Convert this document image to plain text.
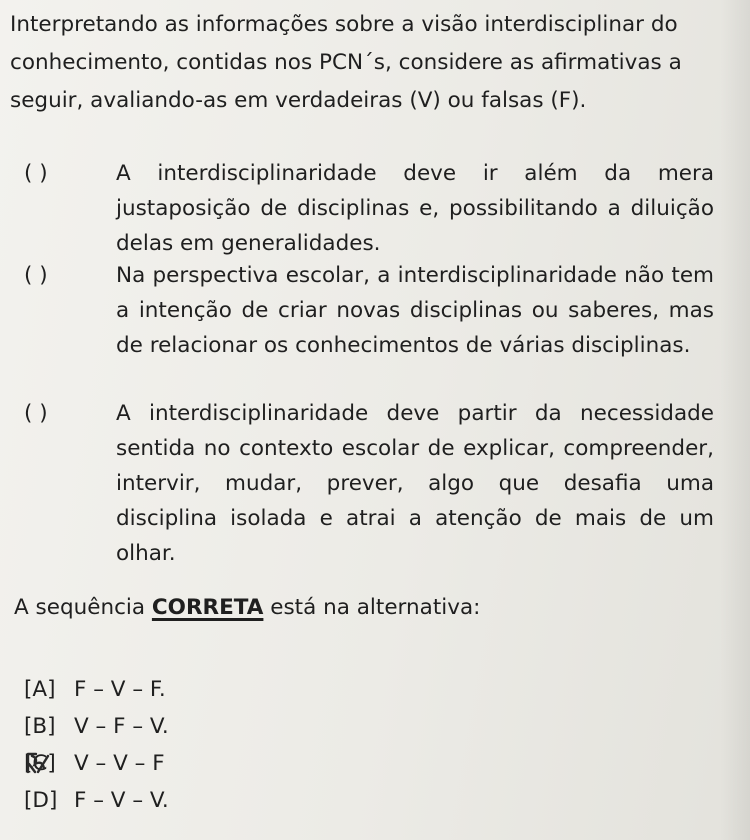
Interpretando as informações sobre a visão interdisciplinar do conhecimento, contidas nos PCN´s, considere as afirmativas a seguir, avaliando-as em verdadeiras (V) ou falsas (F).
( )	A interdisciplinaridade deve ir além da mera justaposição de disciplinas e, possibilitando a diluição delas em generalidades.
( )	Na perspectiva escolar, a interdisciplinaridade não tem a intenção de criar novas disciplinas ou saberes, mas de relacionar os conhecimentos de várias disciplinas.
( )	A interdisciplinaridade deve partir da necessidade sentida no contexto escolar de explicar, compreender, intervir, mudar, prever, algo que desafia uma disciplina isolada e atrai a atenção de mais de um olhar.
A sequência CORRETA está na alternativa:
[A] F – V – F.
[B] V – F – V.
[C] V – V – F
[D] F – V – V.
